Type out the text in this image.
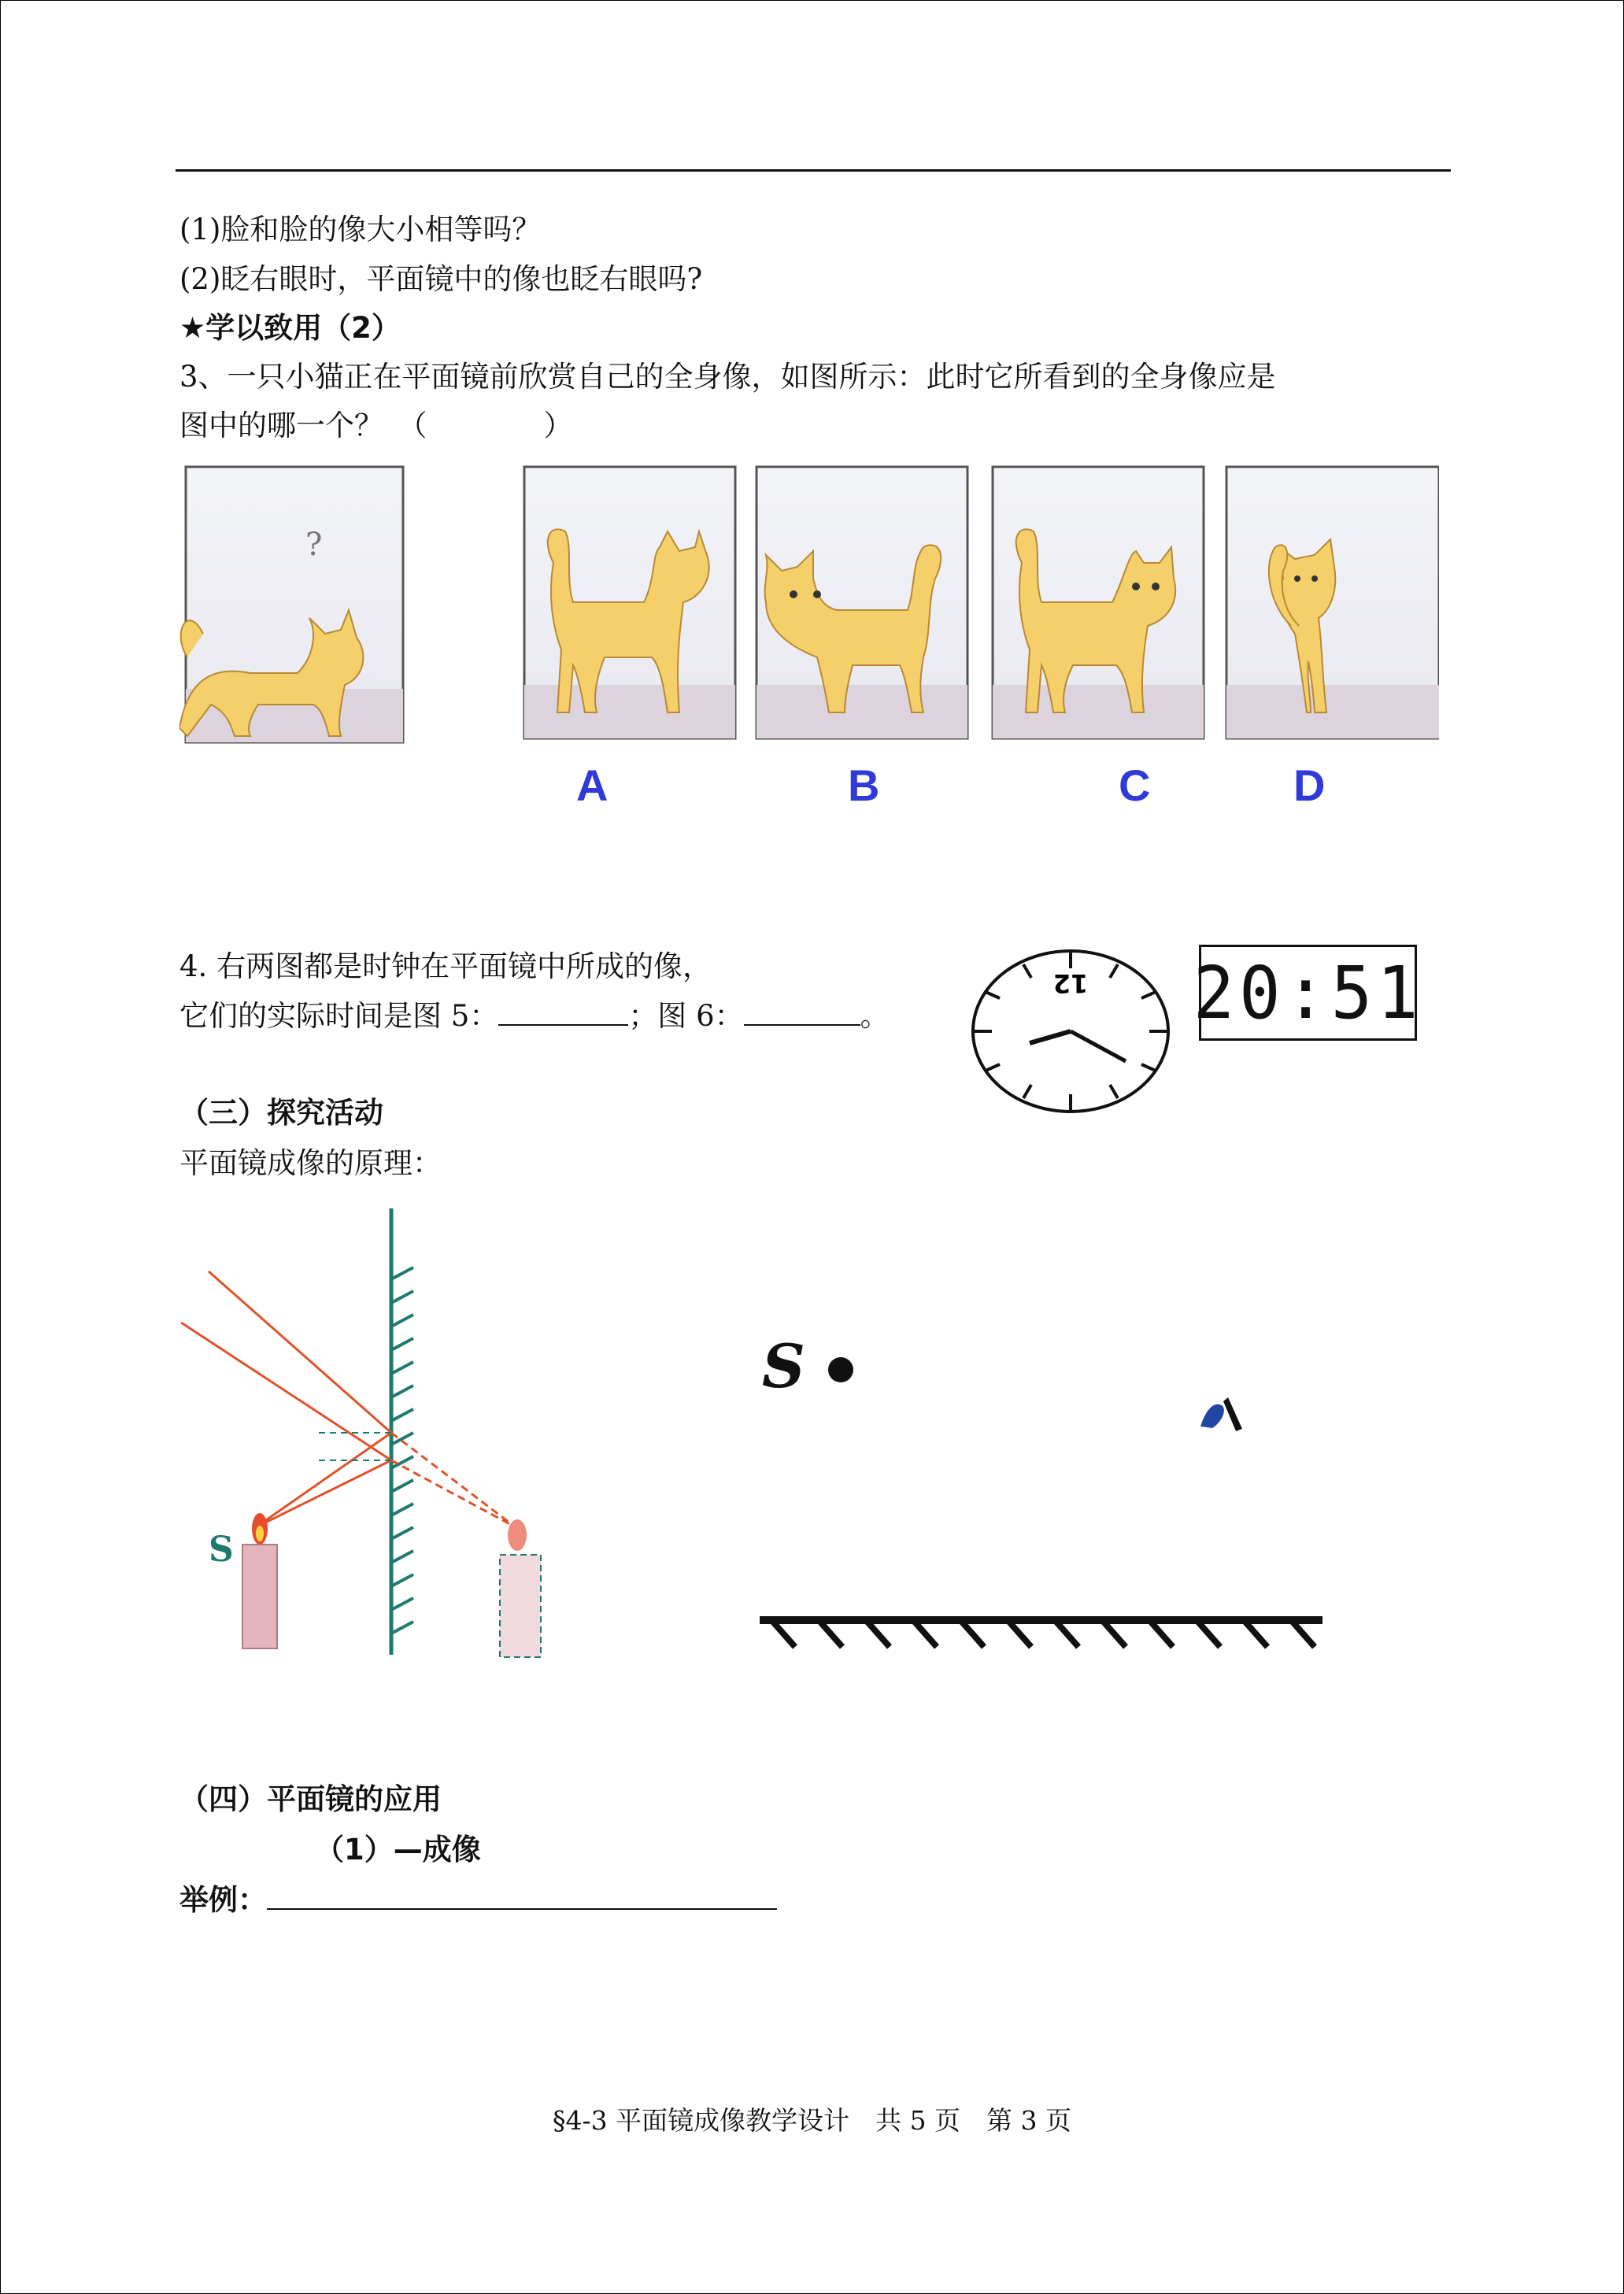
(1)脸和脸的像大小相等吗？
(2)眨右眼时，平面镜中的像也眨右眼吗?
★学以致用（2）
3、一只小猫正在平面镜前欣赏自己的全身像，如图所示：此时它所看到的全身像应是
图中的哪一个？　（　　　　）
?
A	B	C	D
4. 右两图都是时钟在平面镜中所成的像，
它们的实际时间是图 5：	；图 6：	。
12 20:51
（三）探究活动
平面镜成像的原理：
S
S
（四）平面镜的应用
（1）—成像
举例：
§4-3 平面镜成像教学设计　共 5 页　第 3 页
